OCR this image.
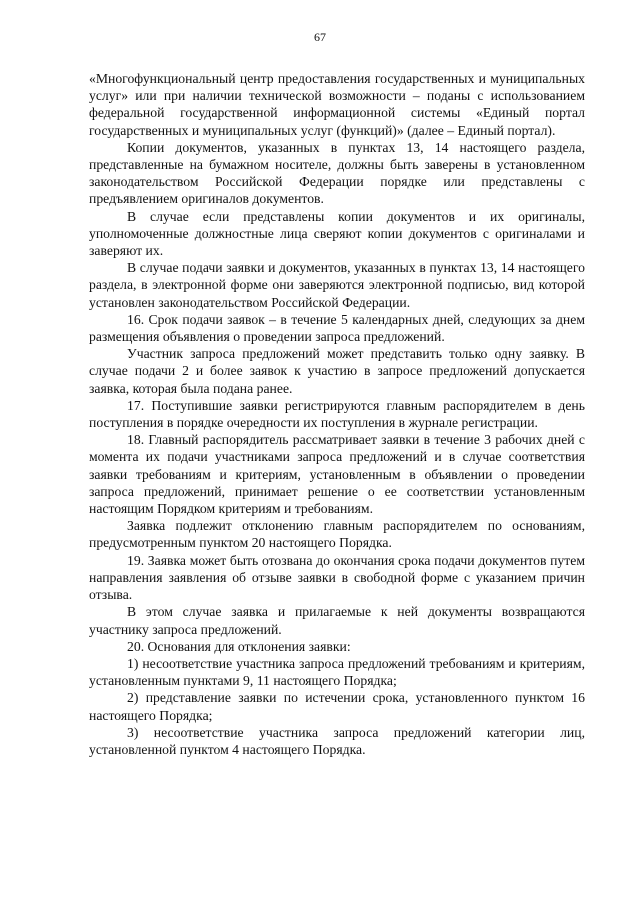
67

«Многофункциональный центр предоставления государственных и муниципальных услуг» или при наличии технической возможности – поданы с использованием федеральной государственной информационной системы «Единый портал государственных и муниципальных услуг (функций)» (далее – Единый портал).

Копии документов, указанных в пунктах 13, 14 настоящего раздела, представленные на бумажном носителе, должны быть заверены в установленном законодательством Российской Федерации порядке или представлены с предъявлением оригиналов документов.

В случае если представлены копии документов и их оригиналы, уполномоченные должностные лица сверяют копии документов с оригиналами и заверяют их.

В случае подачи заявки и документов, указанных в пунктах 13, 14 настоящего раздела, в электронной форме они заверяются электронной подписью, вид которой установлен законодательством Российской Федерации.

16. Срок подачи заявок – в течение 5 календарных дней, следующих за днем размещения объявления о проведении запроса предложений.

Участник запроса предложений может представить только одну заявку. В случае подачи 2 и более заявок к участию в запросе предложений допускается заявка, которая была подана ранее.

17. Поступившие заявки регистрируются главным распорядителем в день поступления в порядке очередности их поступления в журнале регистрации.

18. Главный распорядитель рассматривает заявки в течение 3 рабочих дней с момента их подачи участниками запроса предложений и в случае соответствия заявки требованиям и критериям, установленным в объявлении о проведении запроса предложений, принимает решение о ее соответствии установленным настоящим Порядком критериям и требованиям.

Заявка подлежит отклонению главным распорядителем по основаниям, предусмотренным пунктом 20 настоящего Порядка.

19. Заявка может быть отозвана до окончания срока подачи документов путем направления заявления об отзыве заявки в свободной форме с указанием причин отзыва.

В этом случае заявка и прилагаемые к ней документы возвращаются участнику запроса предложений.

20. Основания для отклонения заявки:

1) несоответствие участника запроса предложений требованиям и критериям, установленным пунктами 9, 11 настоящего Порядка;

2) представление заявки по истечении срока, установленного пунктом 16 настоящего Порядка;

3) несоответствие участника запроса предложений категории лиц, установленной пунктом 4 настоящего Порядка.
